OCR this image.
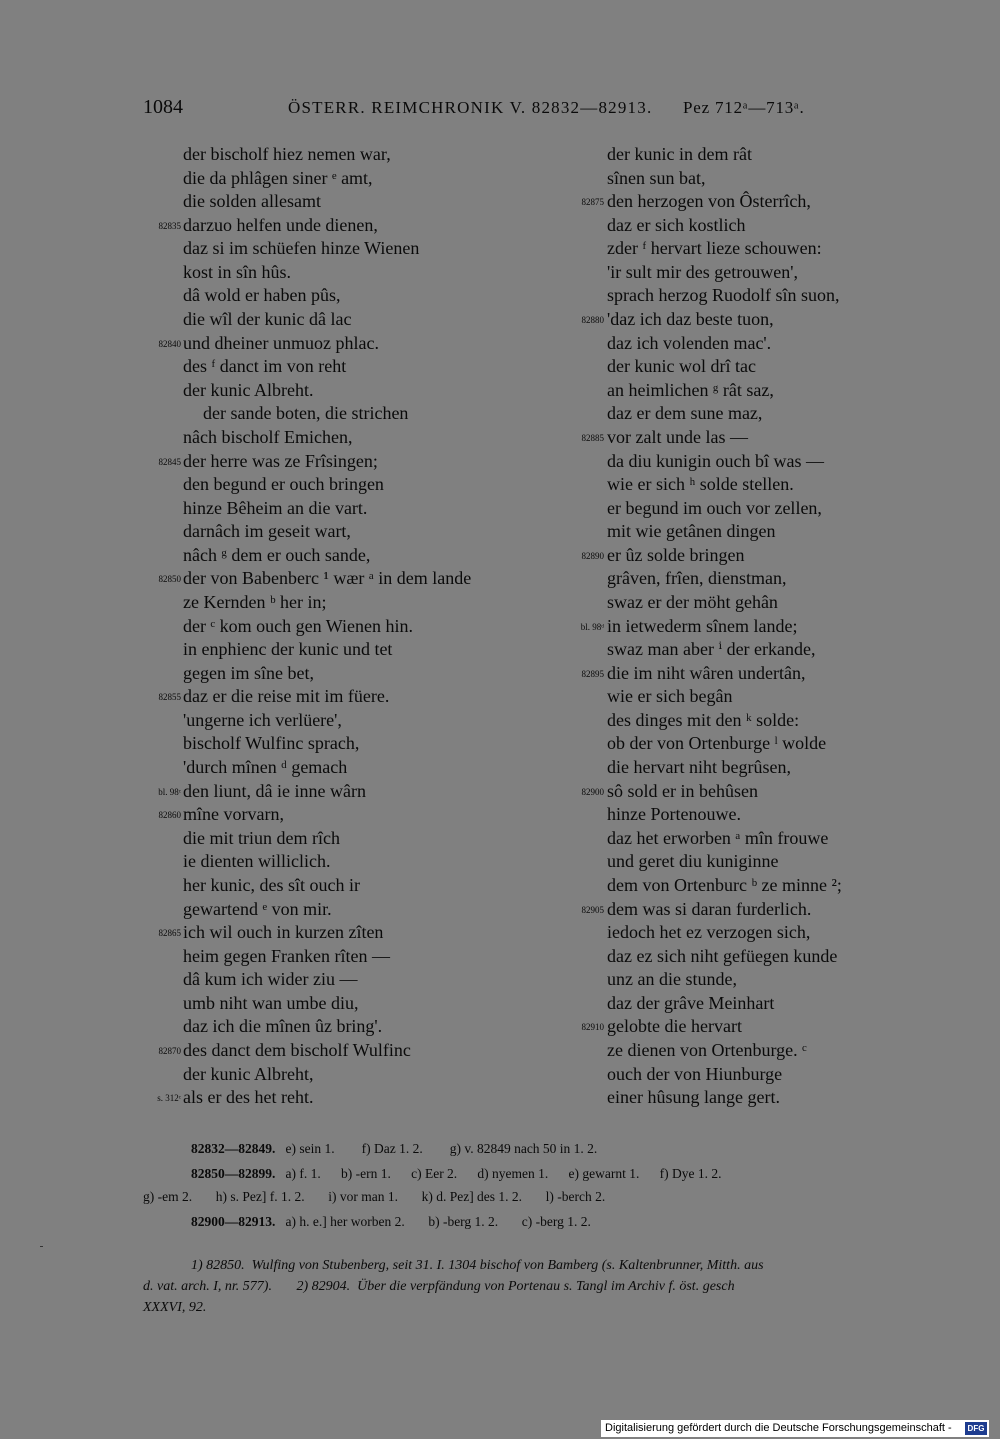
1084	ÖSTERR. REIMCHRONIK V. 82832—82913. Pez 712ᵃ—713ᵃ.
der bischolf hiez nemen war,
die da phlâgen siner ᵉ amt,
die solden allesamt
82835 darzuo helfen unde dienen,
daz si im schüefen hinze Wienen
kost in sîn hûs.
dâ wold er haben pûs,
die wîl der kunic dâ lac
82840 und dheiner unmuoz phlac.
des ᶠ danct im von reht
der kunic Albreht.
der sande boten, die strichen
nâch bischolf Emichen,
82845 der herre was ze Frîsingen;
den begund er ouch bringen
hinze Bêheim an die vart.
darnâch im geseit wart,
nâch ᵍ dem er ouch sande,
82850 der von Babenberc ¹ wær ᵃ in dem lande
ze Kernden ᵇ her in;
der ᶜ kom ouch gen Wienen hin.
in enphienc der kunic und tet
gegen im sîne bet,
82855 daz er die reise mit im füere.
'ungerne ich verlüere',
bischolf Wulfinc sprach,
'durch mînen ᵈ gemach
bl. 98ᶜ den liunt, dâ ie inne wârn
82860 mîne vorvarn,
die mit triun dem rîch
ie dienten williclich.
her kunic, des sît ouch ir
gewartend ᵉ von mir.
82865 ich wil ouch in kurzen zîten
heim gegen Franken rîten —
dâ kum ich wider ziu —
umb niht wan umbe diu,
daz ich die mînen ûz bring'.
82870 des danct dem bischolf Wulfinc
der kunic Albreht,
s. 312ᶜ als er des het reht.
der kunic in dem rât
sînen sun bat,
82875 den herzogen von Ôsterrîch,
daz er sich kostlich
zder ᶠ hervart lieze schouwen:
'ir sult mir des getrouwen',
sprach herzog Ruodolf sîn suon,
82880 'daz ich daz beste tuon,
daz ich volenden mac'.
der kunic wol drî tac
an heimlichen ᵍ rât saz,
daz er dem sune maz,
82885 vor zalt unde las —
da diu kunigin ouch bî was —
wie er sich ʰ solde stellen.
er begund im ouch vor zellen,
mit wie getânen dingen
82890 er ûz solde bringen
grâven, frîen, dienstman,
swaz er der möht gehân
bl. 98ᵈ in ietwederm sînem lande;
swaz man aber ⁱ der erkande,
82895 die im niht wâren undertân,
wie er sich begân
des dinges mit den ᵏ solde:
ob der von Ortenburge ˡ wolde
die hervart niht begrûsen,
82900 sô sold er in behûsen
hinze Portenouwe.
daz het erworben ᵃ mîn frouwe
und geret diu kuniginne
dem von Ortenburc ᵇ ze minne ²;
82905 dem was si daran furderlich.
iedoch het ez verzogen sich,
daz ez sich niht gefüegen kunde
unz an die stunde,
daz der grâve Meinhart
82910 gelobte die hervart
ze dienen von Ortenburge. ᶜ
ouch der von Hiunburge
einer hûsung lange gert.
82832—82849.   e) sein 1.        f) Daz 1. 2.        g) v. 82849 nach 50 in 1. 2.
82850—82899.   a) f. 1.      b) -ern 1.      c) Eer 2.      d) nyemen 1.      e) gewarnt 1.      f) Dye 1. 2.
g) -em 2.       h) s. Pez] f. 1. 2.       i) vor man 1.       k) d. Pez] des 1. 2.       l) -berch 2.
82900—82913.   a) h. e.] her worben 2.       b) -berg 1. 2.       c) -berg 1. 2.
1) 82850.  Wulfing von Stubenberg, seit 31. I. 1304 bischof von Bamberg (s. Kaltenbrunner, Mitth. aus
d. vat. arch. I, nr. 577).       2) 82904.  Über die verpfändung von Portenau s. Tangl im Archiv f. öst. gesch
XXXVI, 92.
Digitalisierung gefördert durch die Deutsche Forschungsgemeinschaft -	DFG
